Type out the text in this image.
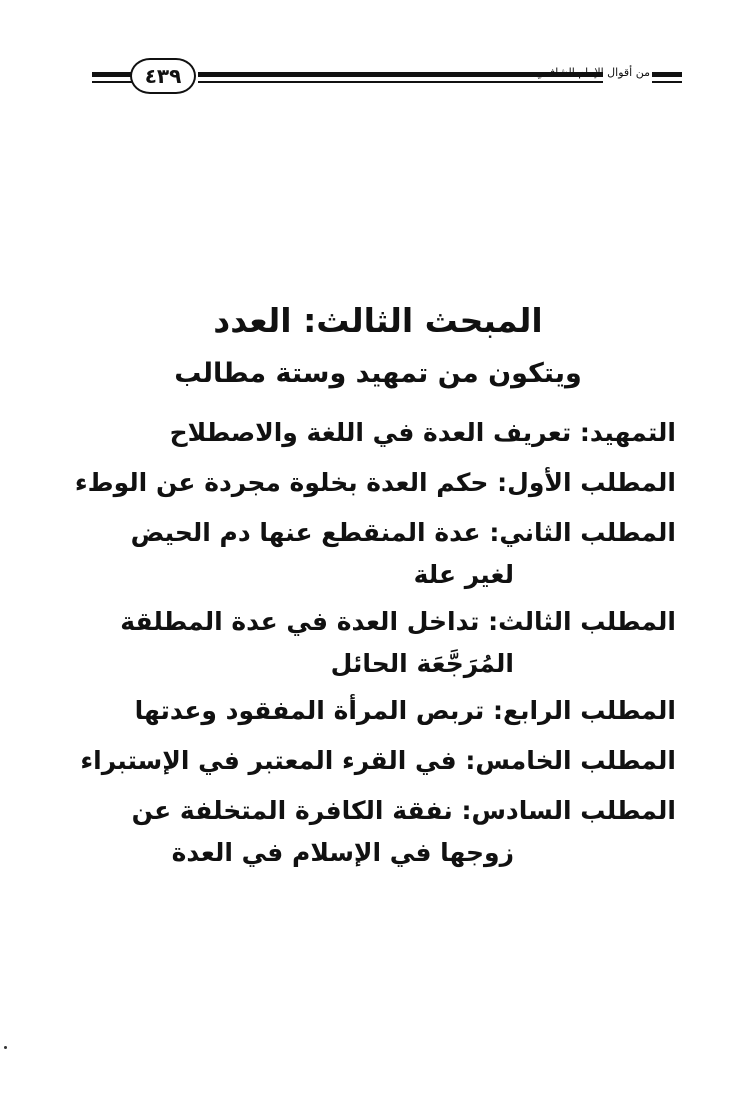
٤٣٩	من أقوال الإمام الشافعي
المبحث الثالث: العدد
ويتكون من تمهيد وستة مطالب
التمهيد: تعريف العدة في اللغة والاصطلاح
المطلب الأول: حكم العدة بخلوة مجردة عن الوطء
المطلب الثاني: عدة المنقطع عنها دم الحيض
لغير علة
المطلب الثالث: تداخل العدة في عدة المطلقة
المُرَجَّعَة الحائل
المطلب الرابع: تربص المرأة المفقود وعدتها
المطلب الخامس: في القرء المعتبر في الإستبراء
المطلب السادس: نفقة الكافرة المتخلفة عن
زوجها في الإسلام في العدة
